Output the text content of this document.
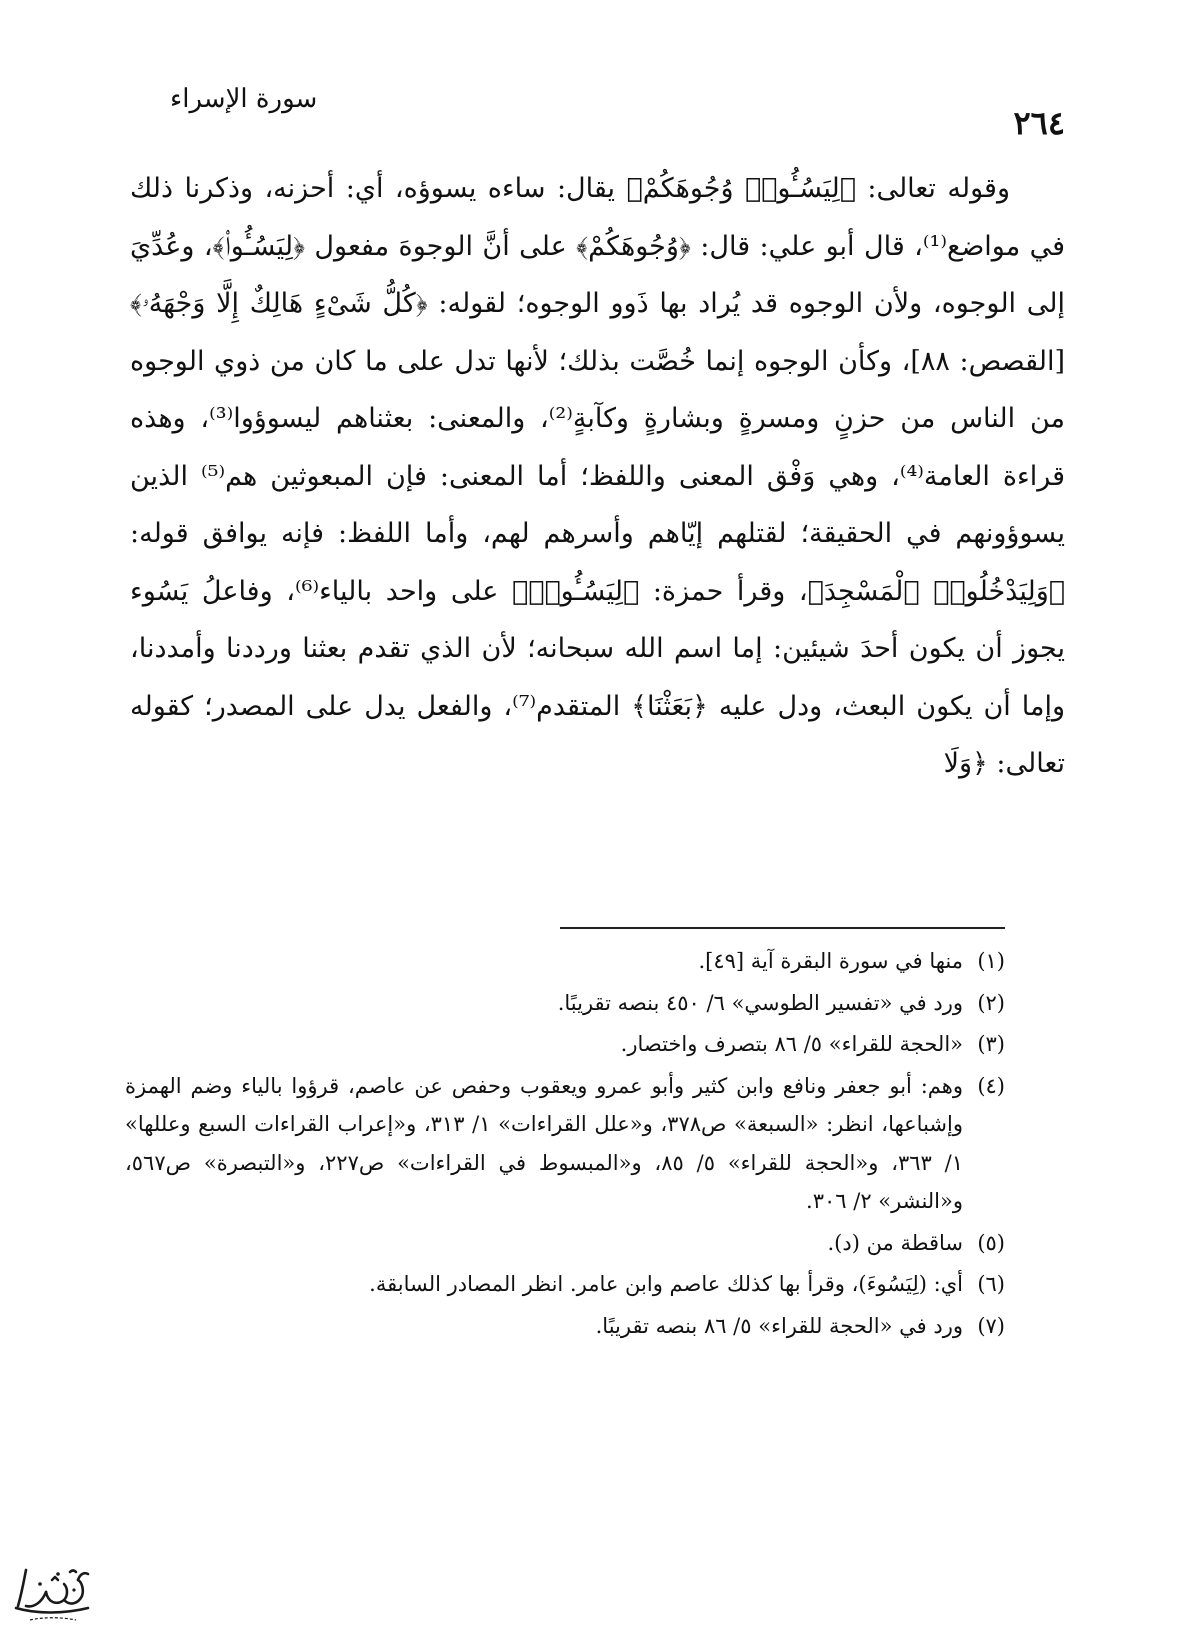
٢٦٤
سورة الإسراء

وقوله تعالى: ﴿لِيَسُـُٔوا۟ وُجُوهَكُمْ﴾ يقال: ساءه يسوؤه، أي: أحزنه، وذكرنا ذلك في مواضع⁽¹⁾، قال أبو علي: قال: ﴿وُجُوهَكُمْ﴾ على أنَّ الوجوهَ مفعول ﴿لِيَسُـُٔوا۟﴾، وعُدِّيَ إلى الوجوه، ولأن الوجوه قد يُراد بها ذَوو الوجوه؛ لقوله: ﴿كُلُّ شَىْءٍ هَالِكٌ إِلَّا وَجْهَهُۥ﴾ [القصص: ٨٨]، وكأن الوجوه إنما خُصَّت بذلك؛ لأنها تدل على ما كان من ذوي الوجوه من الناس من حزنٍ ومسرةٍ وبشارةٍ وكآبةٍ⁽²⁾، والمعنى: بعثناهم ليسوؤوا⁽³⁾، وهذه قراءة العامة⁽⁴⁾، وهي وَفْق المعنى واللفظ؛ أما المعنى: فإن المبعوثين هم⁽⁵⁾ الذين يسوؤونهم في الحقيقة؛ لقتلهم إيّاهم وأسرهم لهم، وأما اللفظ: فإنه يوافق قوله: ﴿وَلِيَدْخُلُوا۟ ٱلْمَسْجِدَ﴾، وقرأ حمزة: ﴿لِيَسُـُٔوا۟﴾ على واحد بالياء⁽⁶⁾، وفاعلُ يَسُوء يجوز أن يكون أحدَ شيئين: إما اسم الله سبحانه؛ لأن الذي تقدم بعثنا ورددنا وأمددنا، وإما أن يكون البعث، ودل عليه ﴿بَعَثْنَا﴾ المتقدم⁽⁷⁾، والفعل يدل على المصدر؛ كقوله تعالى: ﴿وَلَا

(١)
منها في سورة البقرة آية [٤٩].
(٢)
ورد في «تفسير الطوسي» ٦/ ٤٥٠ بنصه تقريبًا.
(٣)
«الحجة للقراء» ٥/ ٨٦ بتصرف واختصار.
(٤)
وهم: أبو جعفر ونافع وابن كثير وأبو عمرو ويعقوب وحفص عن عاصم، قرؤوا بالياء وضم الهمزة وإشباعها، انظر: «السبعة» ص٣٧٨، و«علل القراءات» ١/ ٣١٣، و«إعراب القراءات السبع وعللها» ١/ ٣٦٣، و«الحجة للقراء» ٥/ ٨٥، و«المبسوط في القراءات» ص٢٢٧، و«التبصرة» ص٥٦٧، و«النشر» ٢/ ٣٠٦.
(٥)
ساقطة من (د).
(٦)
أي: (لِيَسُوءَ)، وقرأ بها كذلك عاصم وابن عامر. انظر المصادر السابقة.
(٧)
ورد في «الحجة للقراء» ٥/ ٨٦ بنصه تقريبًا.
